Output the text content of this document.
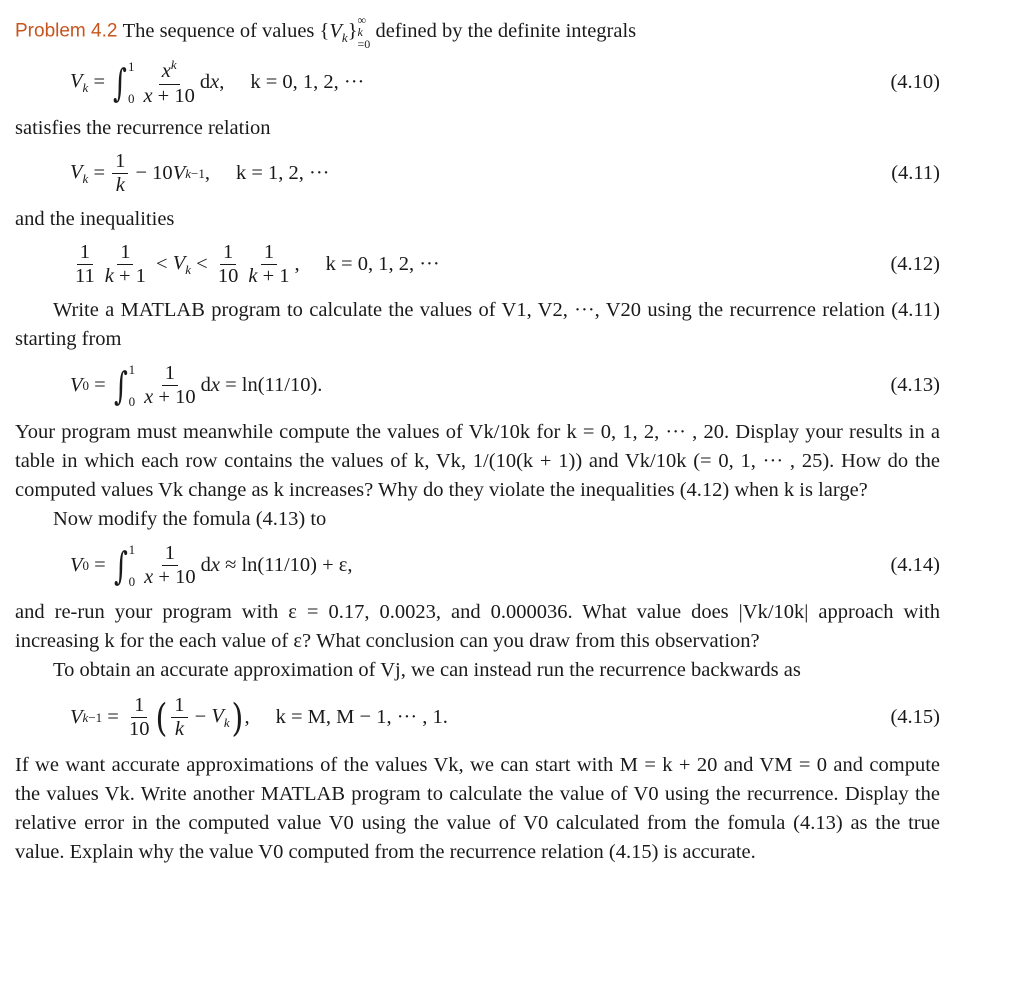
Problem 4.2
The sequence of values $\{V_k\}$ ∞
k
=0
defined by the definite integrals

$V_k$ = ∫ 1
$0 \frac{x^k}{x + 10}$ d x , k = 0, 1, 2, ···	(4.10)

satisfies the recurrence relation

$V_k = \frac{1}{k} - 10$ V k −1 , k = 1, 2, ···	(4.11)

and the inequalities

$\frac{1}{11} \frac{1}{k + 1} < V_k < \frac{1}{10} \frac{1}{k + 1}$ , k = 0, 1, 2, ···	(4.12)

Write a MATLAB program to calculate the values of V1, V2, ···, V20 using the recurrence relation (4.11) starting from

V 0 = ∫ 1
$0 \frac{1}{x + 10}$ d x
= ln(11/10).	(4.13)

Your program must meanwhile compute the values of Vk/10k for k = 0, 1, 2, ··· , 20. Display your results in a table in which each row contains the values of k, Vk, 1/(10(k + 1)) and Vk/10k (= 0, 1, ··· , 25). How do the computed values Vk change as k increases? Why do they violate the inequalities (4.12) when k is large?

Now modify the fomula (4.13) to

V 0 = ∫ 1
$0 \frac{1}{x + 10}$ d x
≈ ln(11/10) + ε,	(4.14)

and re-run your program with ε = 0.17, 0.0023, and 0.000036. What value does |Vk/10k| approach with increasing k for the each value of ε? What conclusion can you draw from this observation?

To obtain an accurate approximation of Vj, we can instead run the recurrence backwards as

V $k -1 = \frac{1}{10}$ ( $\frac{1}{k} - V_k$ ) , k = M, M − 1, ··· , 1.	(4.15)

If we want accurate approximations of the values Vk, we can start with M = k + 20 and VM = 0 and compute the values Vk. Write another MATLAB program to calculate the value of V0 using the recurrence. Display the relative error in the computed value V0 using the value of V0 calculated from the fomula (4.13) as the true value. Explain why the value V0 computed from the recurrence relation (4.15) is accurate.
